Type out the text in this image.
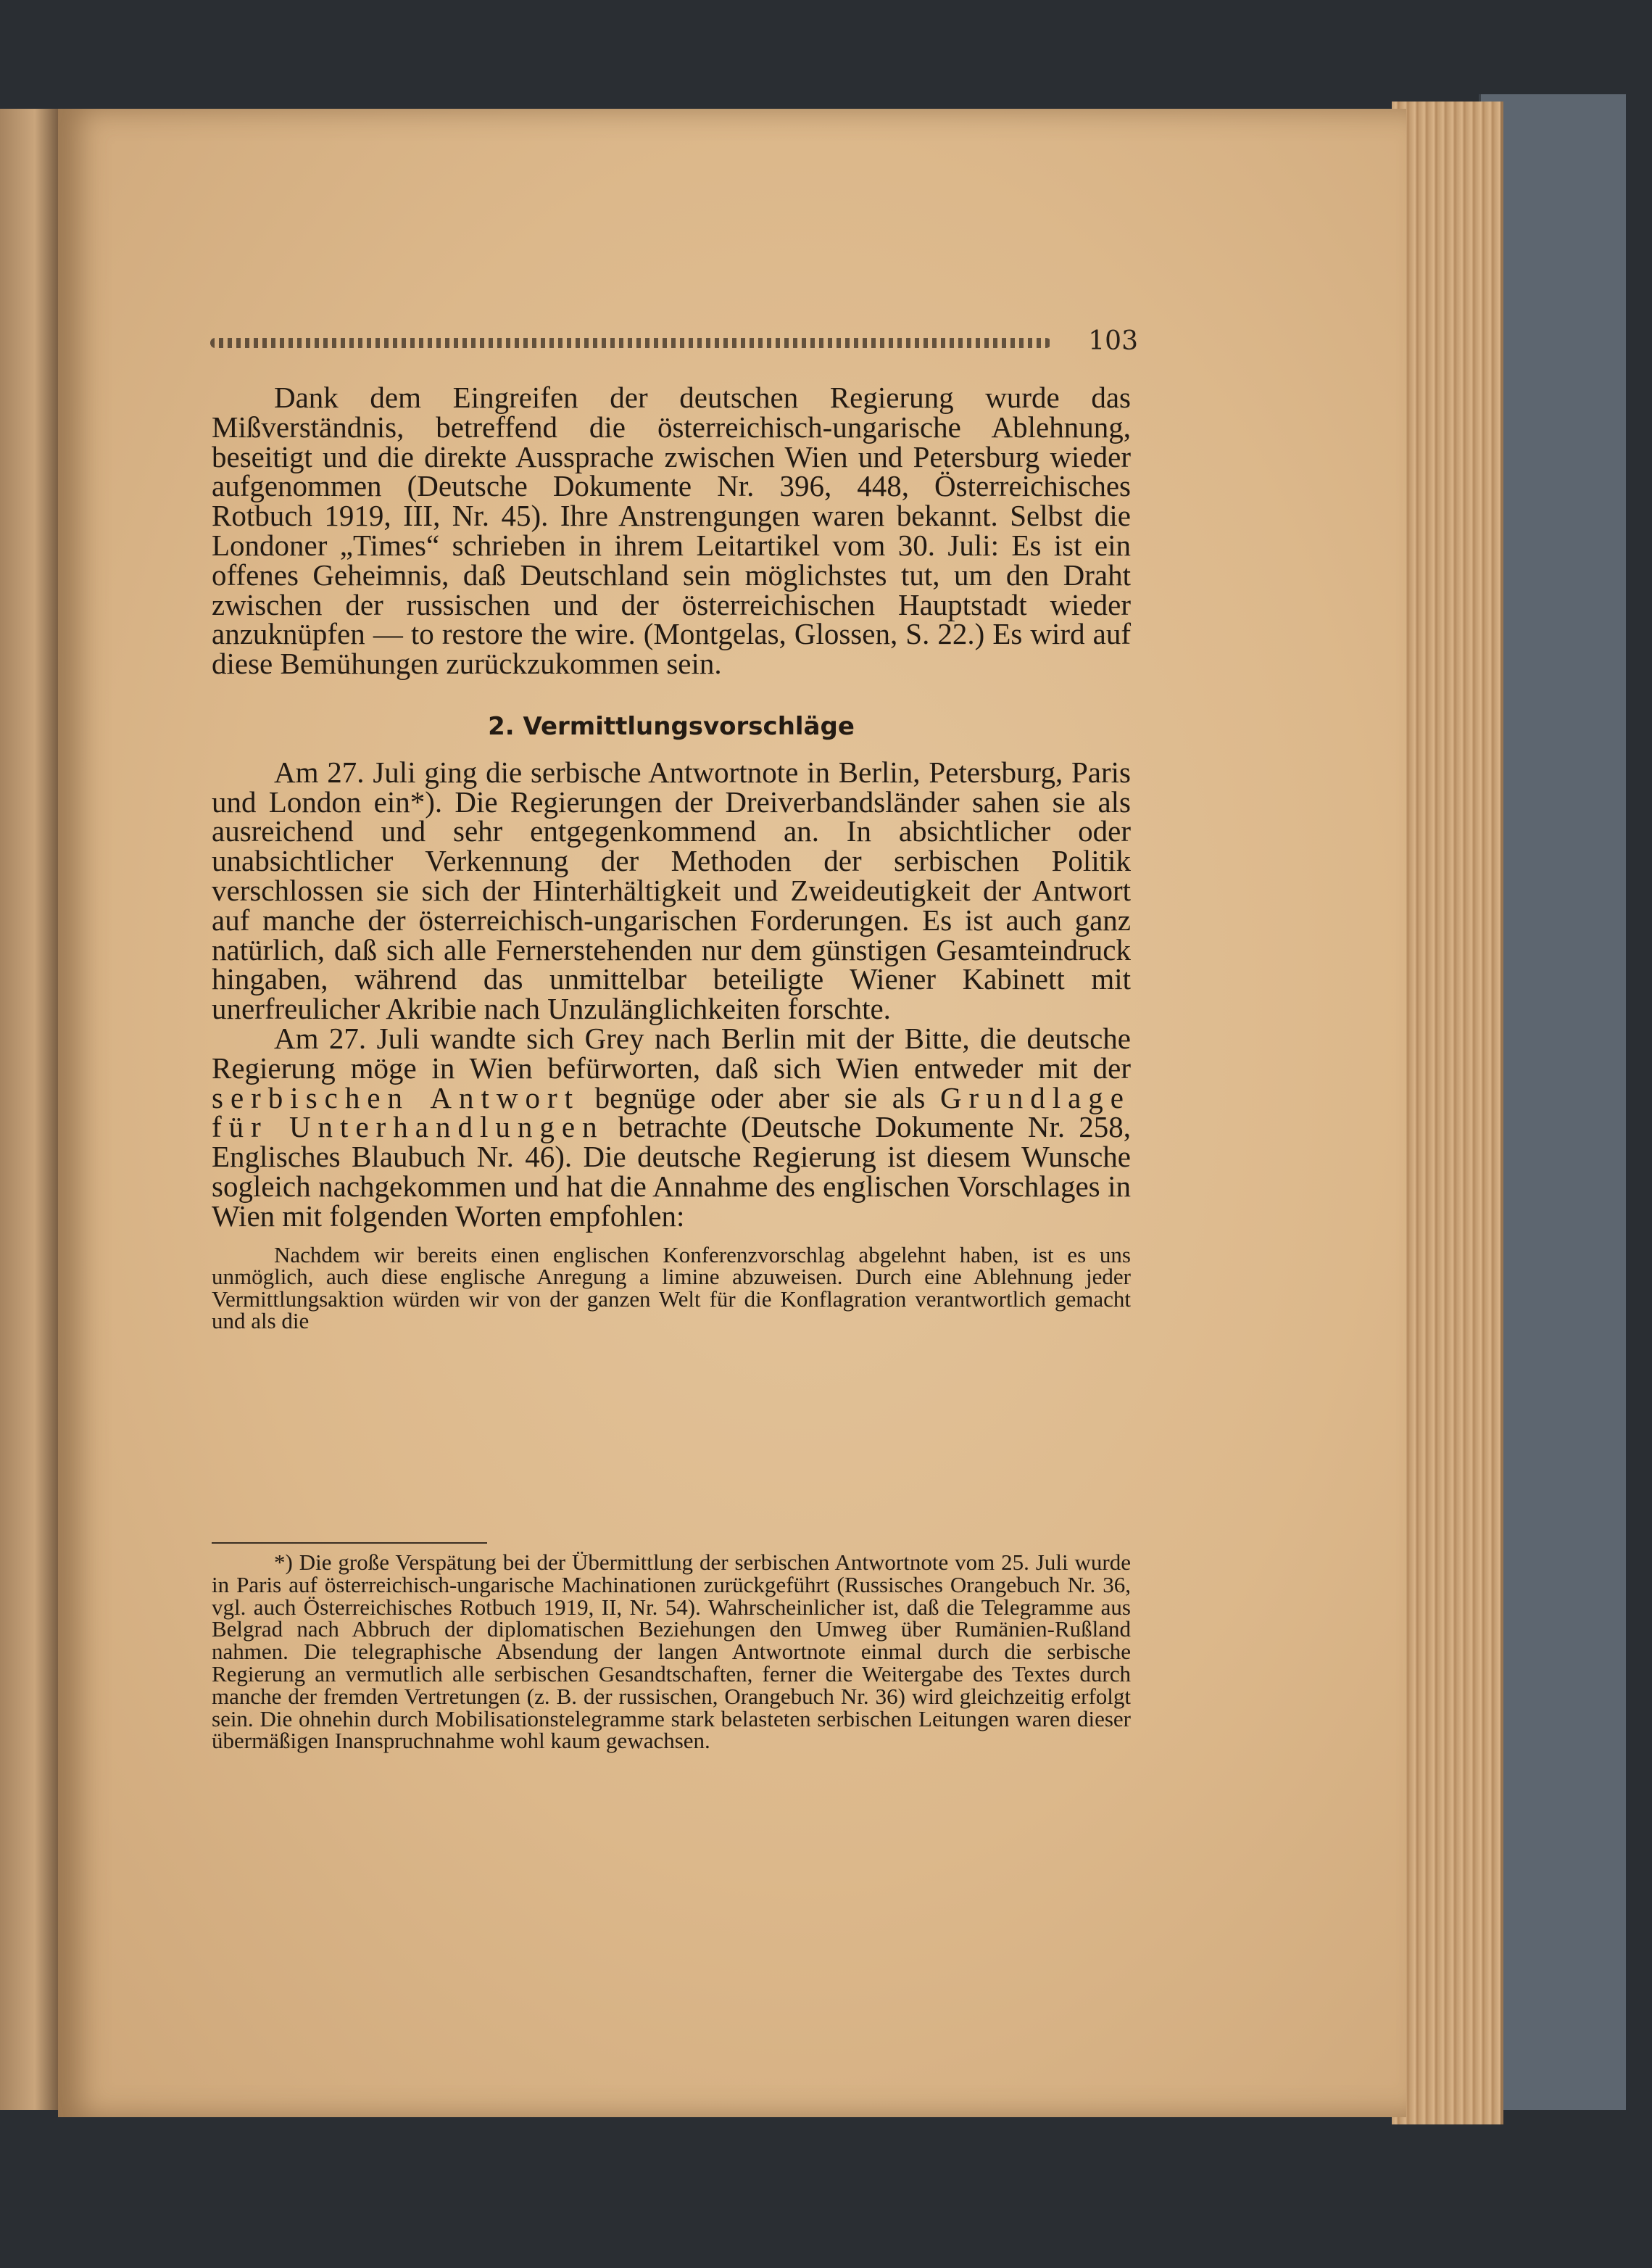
103

Dank dem Eingreifen der deutschen Regierung wurde das Mißverständnis, betreffend die österreichisch-ungarische Ablehnung, beseitigt und die direkte Aussprache zwischen Wien und Petersburg wieder aufgenommen (Deutsche Dokumente Nr. 396, 448, Österreichisches Rotbuch 1919, III, Nr. 45). Ihre Anstrengungen waren bekannt. Selbst die Londoner „Times“ schrieben in ihrem Leitartikel vom 30. Juli: Es ist ein offenes Geheimnis, daß Deutschland sein möglichstes tut, um den Draht zwischen der russischen und der österreichischen Hauptstadt wieder anzuknüpfen — to restore the wire. (Montgelas, Glossen, S. 22.) Es wird auf diese Bemühungen zurückzukommen sein.

2. Vermittlungsvorschläge

Am 27. Juli ging die serbische Antwortnote in Berlin, Petersburg, Paris und London ein*). Die Regierungen der Dreiverbandsländer sahen sie als ausreichend und sehr entgegenkommend an. In absichtlicher oder unabsichtlicher Verkennung der Methoden der serbischen Politik verschlossen sie sich der Hinterhältigkeit und Zweideutigkeit der Antwort auf manche der österreichisch-ungarischen Forderungen. Es ist auch ganz natürlich, daß sich alle Fernerstehenden nur dem günstigen Gesamteindruck hingaben, während das unmittelbar beteiligte Wiener Kabinett mit unerfreulicher Akribie nach Unzulänglichkeiten forschte.

Am 27. Juli wandte sich Grey nach Berlin mit der Bitte, die deutsche Regierung möge in Wien befürworten, daß sich Wien entweder mit der serbischen Antwort begnüge oder aber sie als Grundlage für Unterhandlungen betrachte (Deutsche Dokumente Nr. 258, Englisches Blaubuch Nr. 46). Die deutsche Regierung ist diesem Wunsche sogleich nachgekommen und hat die Annahme des englischen Vorschlages in Wien mit folgenden Worten empfohlen:

Nachdem wir bereits einen englischen Konferenzvorschlag abgelehnt haben, ist es uns unmöglich, auch diese englische Anregung a limine abzuweisen. Durch eine Ablehnung jeder Vermittlungsaktion würden wir von der ganzen Welt für die Konflagration verantwortlich gemacht und als die

*) Die große Verspätung bei der Übermittlung der serbischen Antwortnote vom 25. Juli wurde in Paris auf österreichisch-ungarische Machinationen zurückgeführt (Russisches Orangebuch Nr. 36, vgl. auch Österreichisches Rotbuch 1919, II, Nr. 54). Wahrscheinlicher ist, daß die Telegramme aus Belgrad nach Abbruch der diplomatischen Beziehungen den Umweg über Rumänien-Rußland nahmen. Die telegraphische Absendung der langen Antwortnote einmal durch die serbische Regierung an vermutlich alle serbischen Gesandtschaften, ferner die Weitergabe des Textes durch manche der fremden Vertretungen (z. B. der russischen, Orangebuch Nr. 36) wird gleichzeitig erfolgt sein. Die ohnehin durch Mobilisationstelegramme stark belasteten serbischen Leitungen waren dieser übermäßigen Inanspruchnahme wohl kaum gewachsen.
